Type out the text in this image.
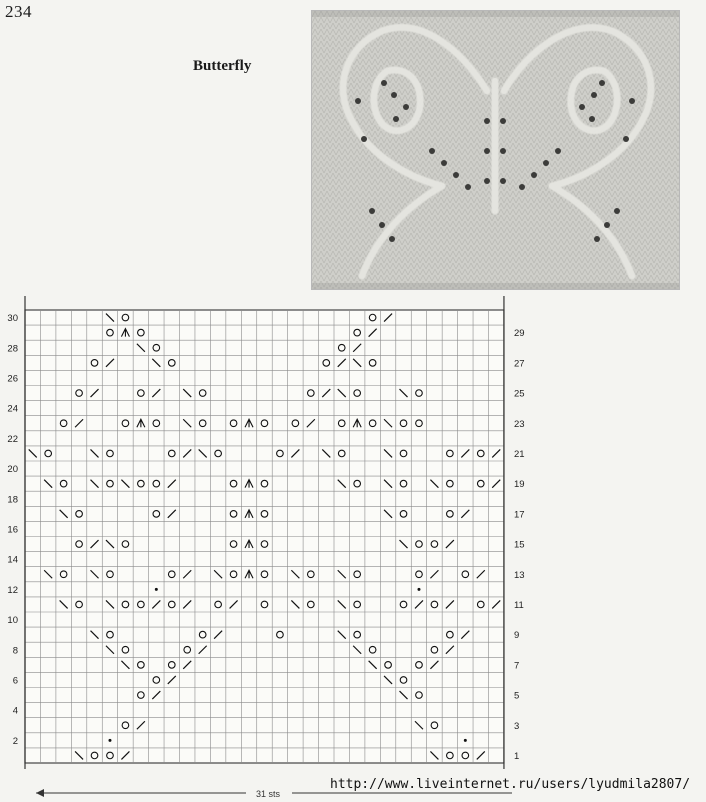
234
Butterfly
30
28
26
24
22
20
18
16
14
12
10
8
6
4
2
29
27
25
23
21
19
17
15
13
11
9
7
5
3
1
31 sts
http://www.liveinternet.ru/users/lyudmila2807/
